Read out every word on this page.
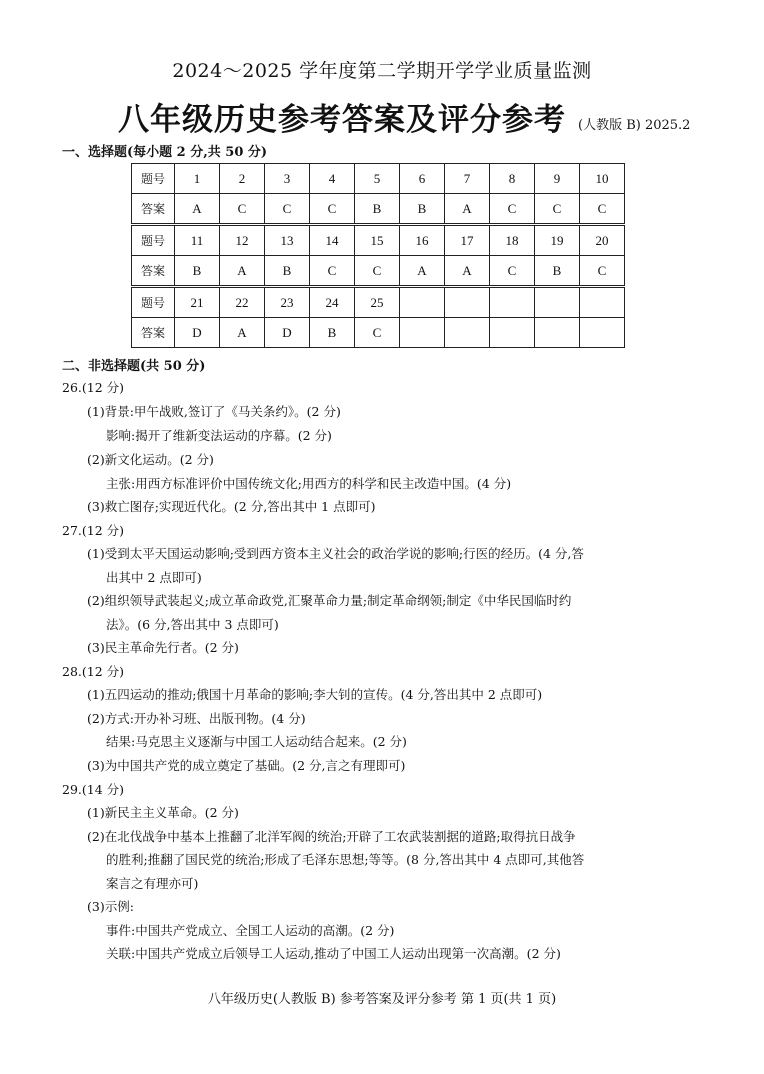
2024～2025 学年度第二学期开学学业质量监测
八年级历史参考答案及评分参考 (人教版 B) 2025.2
一、选择题(每小题 2 分,共 50 分)
题号	1	2	3	4	5	6	7	8	9	10
答案	A	C	C	C	B	B	A	C	C	C
题号	11	12	13	14	15	16	17	18	19	20
答案	B	A	B	C	C	A	A	C	B	C
题号	21	22	23	24	25					
答案	D	A	D	B	C					
二、非选择题(共 50 分)
26.(12 分)
(1)背景:甲午战败,签订了《马关条约》。(2 分)
影响:揭开了维新变法运动的序幕。(2 分)
(2)新文化运动。(2 分)
主张:用西方标准评价中国传统文化;用西方的科学和民主改造中国。(4 分)
(3)救亡图存;实现近代化。(2 分,答出其中 1 点即可)
27.(12 分)
(1)受到太平天国运动影响;受到西方资本主义社会的政治学说的影响;行医的经历。(4 分,答
出其中 2 点即可)
(2)组织领导武装起义;成立革命政党,汇聚革命力量;制定革命纲领;制定《中华民国临时约
法》。(6 分,答出其中 3 点即可)
(3)民主革命先行者。(2 分)
28.(12 分)
(1)五四运动的推动;俄国十月革命的影响;李大钊的宣传。(4 分,答出其中 2 点即可)
(2)方式:开办补习班、出版刊物。(4 分)
结果:马克思主义逐渐与中国工人运动结合起来。(2 分)
(3)为中国共产党的成立奠定了基础。(2 分,言之有理即可)
29.(14 分)
(1)新民主主义革命。(2 分)
(2)在北伐战争中基本上推翻了北洋军阀的统治;开辟了工农武装割据的道路;取得抗日战争
的胜利;推翻了国民党的统治;形成了毛泽东思想;等等。(8 分,答出其中 4 点即可,其他答
案言之有理亦可)
(3)示例:
事件:中国共产党成立、全国工人运动的高潮。(2 分)
关联:中国共产党成立后领导工人运动,推动了中国工人运动出现第一次高潮。(2 分)
八年级历史(人教版 B) 参考答案及评分参考 第 1 页(共 1 页)
